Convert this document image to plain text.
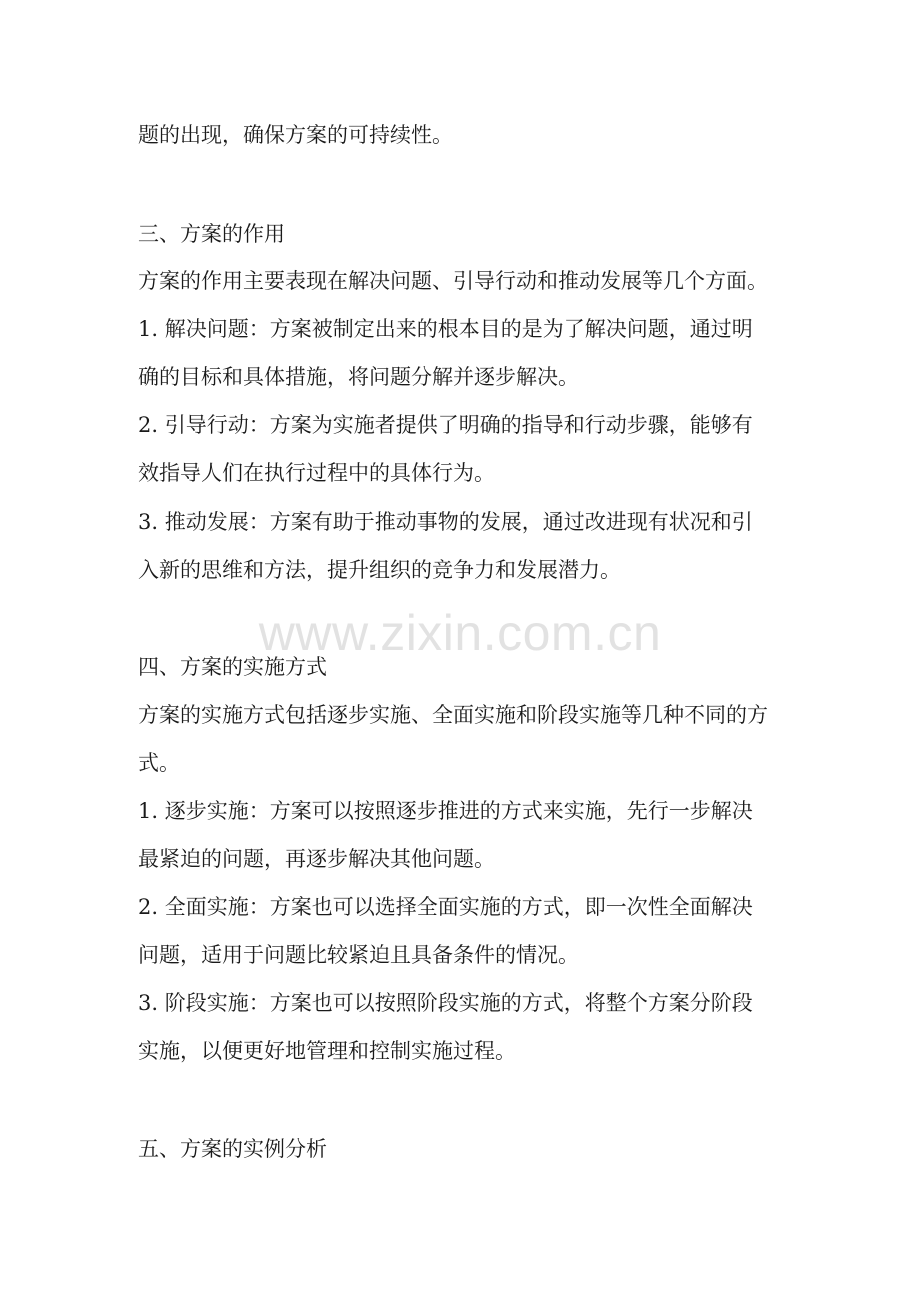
题的出现，确保方案的可持续性。
三、方案的作用
方案的作用主要表现在解决问题、引导行动和推动发展等几个方面。
1. 解决问题：方案被制定出来的根本目的是为了解决问题，通过明
确的目标和具体措施，将问题分解并逐步解决。
2. 引导行动：方案为实施者提供了明确的指导和行动步骤，能够有
效指导人们在执行过程中的具体行为。
3. 推动发展：方案有助于推动事物的发展，通过改进现有状况和引
入新的思维和方法，提升组织的竞争力和发展潜力。
四、方案的实施方式
方案的实施方式包括逐步实施、全面实施和阶段实施等几种不同的方
式。
1. 逐步实施：方案可以按照逐步推进的方式来实施，先行一步解决
最紧迫的问题，再逐步解决其他问题。
2. 全面实施：方案也可以选择全面实施的方式，即一次性全面解决
问题，适用于问题比较紧迫且具备条件的情况。
3. 阶段实施：方案也可以按照阶段实施的方式，将整个方案分阶段
实施，以便更好地管理和控制实施过程。
五、方案的实例分析
www.zixin.com.cn
